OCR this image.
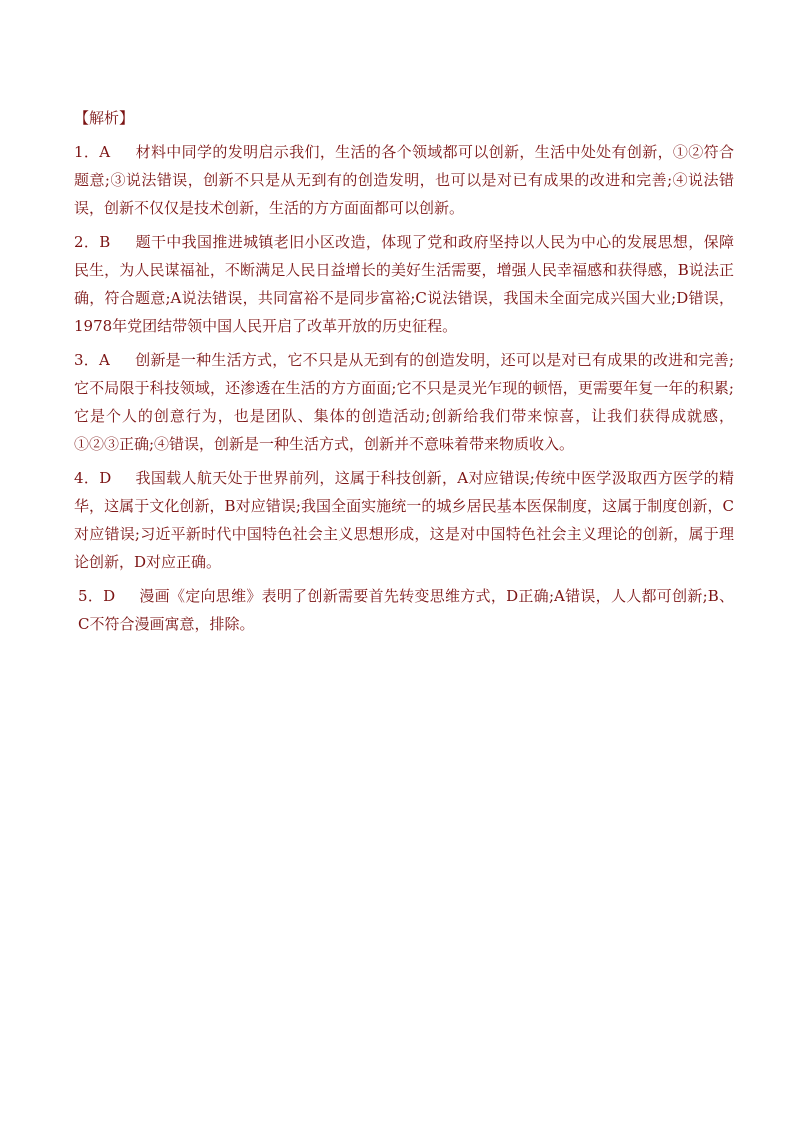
【解析】

1．A 材料中同学的发明启示我们，生活的各个领域都可以创新，生活中处处有创新，①②符合题意;③说法错误，创新不只是从无到有的创造发明，也可以是对已有成果的改进和完善;④说法错误，创新不仅仅是技术创新，生活的方方面面都可以创新。

2．B 题干中我国推进城镇老旧小区改造，体现了党和政府坚持以人民为中心的发展思想，保障民生，为人民谋福祉，不断满足人民日益增长的美好生活需要，增强人民幸福感和获得感，B说法正确，符合题意;A说法错误，共同富裕不是同步富裕;C说法错误，我国未全面完成兴国大业;D错误，1978年党团结带领中国人民开启了改革开放的历史征程。

3．A 创新是一种生活方式，它不只是从无到有的创造发明，还可以是对已有成果的改进和完善;它不局限于科技领域，还渗透在生活的方方面面;它不只是灵光乍现的顿悟，更需要年复一年的积累;它是个人的创意行为，也是团队、集体的创造活动;创新给我们带来惊喜，让我们获得成就感，①②③正确;④错误，创新是一种生活方式，创新并不意味着带来物质收入。

4．D 我国载人航天处于世界前列，这属于科技创新，A对应错误;传统中医学汲取西方医学的精华，这属于文化创新，B对应错误;我国全面实施统一的城乡居民基本医保制度，这属于制度创新，C对应错误;习近平新时代中国特色社会主义思想形成，这是对中国特色社会主义理论的创新，属于理论创新，D对应正确。

5．D 漫画《定向思维》表明了创新需要首先转变思维方式，D正确;A错误，人人都可创新;B、C不符合漫画寓意，排除。
